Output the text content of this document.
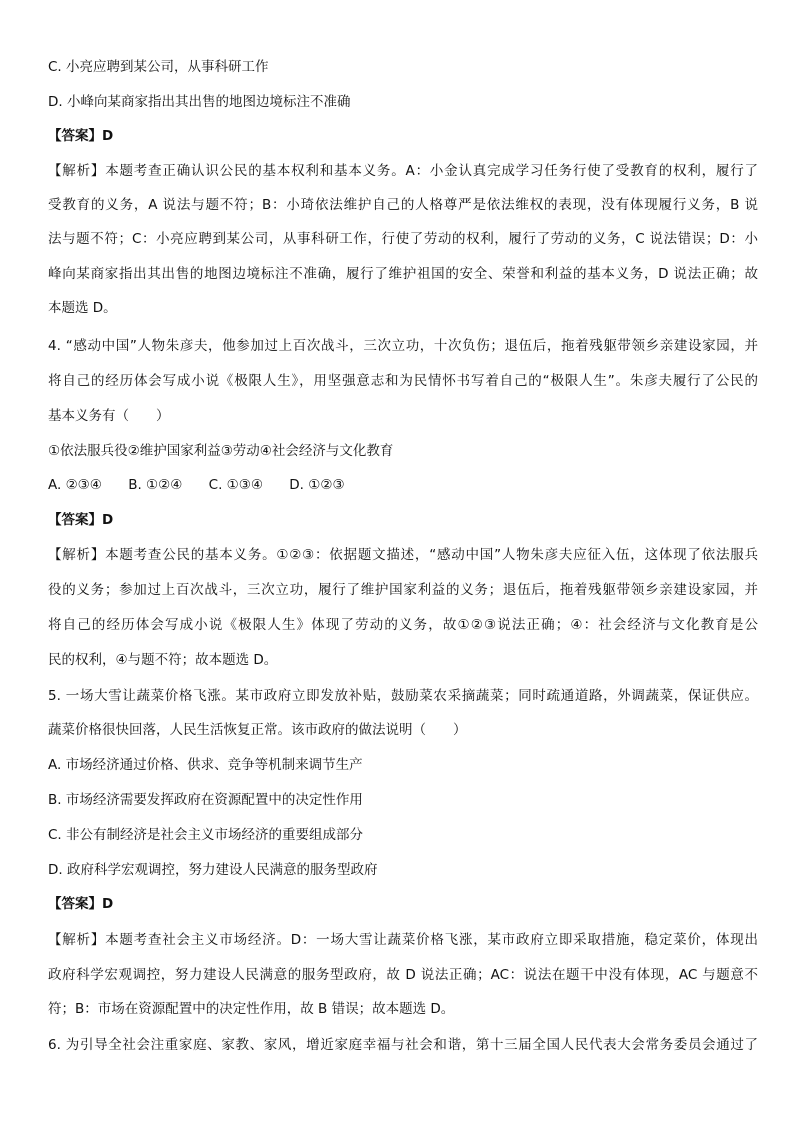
C. 小亮应聘到某公司，从事科研工作
D. 小峰向某商家指出其出售的地图边境标注不准确
【答案】D
【解析】本题考查正确认识公民的基本权利和基本义务。A：小金认真完成学习任务行使了受教育的权利，履行了
受教育的义务，A 说法与题不符；B：小琦依法维护自己的人格尊严是依法维权的表现，没有体现履行义务，B 说
法与题不符；C：小亮应聘到某公司，从事科研工作，行使了劳动的权利，履行了劳动的义务，C 说法错误；D：小
峰向某商家指出其出售的地图边境标注不准确，履行了维护祖国的安全、荣誉和利益的基本义务，D 说法正确；故
本题选 D。
4. “感动中国”人物朱彦夫，他参加过上百次战斗，三次立功，十次负伤；退伍后，拖着残躯带领乡亲建设家园，并
将自己的经历体会写成小说《极限人生》，用坚强意志和为民情怀书写着自己的“极限人生”。朱彦夫履行了公民的
基本义务有（　　）
①依法服兵役②维护国家利益③劳动④社会经济与文化教育
A. ②③④ B. ①②④ C. ①③④ D. ①②③
【答案】D
【解析】本题考查公民的基本义务。①②③：依据题文描述，“感动中国”人物朱彦夫应征入伍，这体现了依法服兵
役的义务；参加过上百次战斗，三次立功，履行了维护国家利益的义务；退伍后，拖着残躯带领乡亲建设家园，并
将自己的经历体会写成小说《极限人生》体现了劳动的义务，故①②③说法正确；④：社会经济与文化教育是公
民的权利，④与题不符；故本题选 D。
5. 一场大雪让蔬菜价格飞涨。某市政府立即发放补贴，鼓励菜农采摘蔬菜；同时疏通道路，外调蔬菜，保证供应。
蔬菜价格很快回落，人民生活恢复正常。该市政府的做法说明（　　）
A. 市场经济通过价格、供求、竞争等机制来调节生产
B. 市场经济需要发挥政府在资源配置中的决定性作用
C. 非公有制经济是社会主义市场经济的重要组成部分
D. 政府科学宏观调控，努力建设人民满意的服务型政府
【答案】D
【解析】本题考查社会主义市场经济。D：一场大雪让蔬菜价格飞涨，某市政府立即采取措施，稳定菜价，体现出
政府科学宏观调控，努力建设人民满意的服务型政府，故 D 说法正确；AC：说法在题干中没有体现，AC 与题意不
符；B：市场在资源配置中的决定性作用，故 B 错误；故本题选 D。
6. 为引导全社会注重家庭、家教、家风，增近家庭幸福与社会和谐，第十三届全国人民代表大会常务委员会通过了
